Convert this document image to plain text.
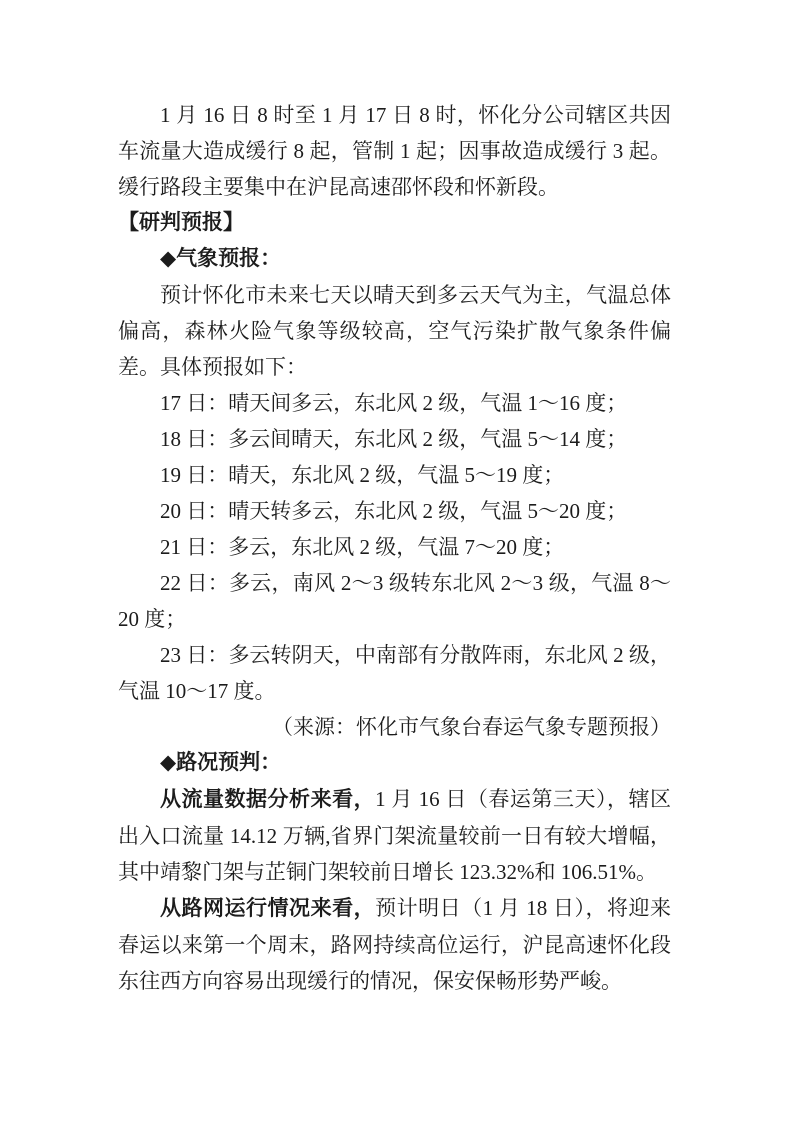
1 月 16 日 8 时至 1 月 17 日 8 时，怀化分公司辖区共因车流量大造成缓行 8 起，管制 1 起；因事故造成缓行 3 起。缓行路段主要集中在沪昆高速邵怀段和怀新段。

【研判预报】

◆气象预报：

预计怀化市未来七天以晴天到多云天气为主，气温总体偏高，森林火险气象等级较高，空气污染扩散气象条件偏差。具体预报如下：

17 日：晴天间多云，东北风 2 级，气温 1～16 度；

18 日：多云间晴天，东北风 2 级，气温 5～14 度；

19 日：晴天，东北风 2 级，气温 5～19 度；

20 日：晴天转多云，东北风 2 级，气温 5～20 度；

21 日：多云，东北风 2 级，气温 7～20 度；

22 日：多云，南风 2～3 级转东北风 2～3 级，气温 8～20 度；

23 日：多云转阴天，中南部有分散阵雨，东北风 2 级，气温 10～17 度。

（来源：怀化市气象台春运气象专题预报）

◆路况预判：

从流量数据分析来看，1 月 16 日（春运第三天），辖区出入口流量 14.12 万辆,省界门架流量较前一日有较大增幅，其中靖黎门架与芷铜门架较前日增长 123.32%和 106.51%。

从路网运行情况来看，预计明日（1 月 18 日），将迎来春运以来第一个周末，路网持续高位运行，沪昆高速怀化段东往西方向容易出现缓行的情况，保安保畅形势严峻。
